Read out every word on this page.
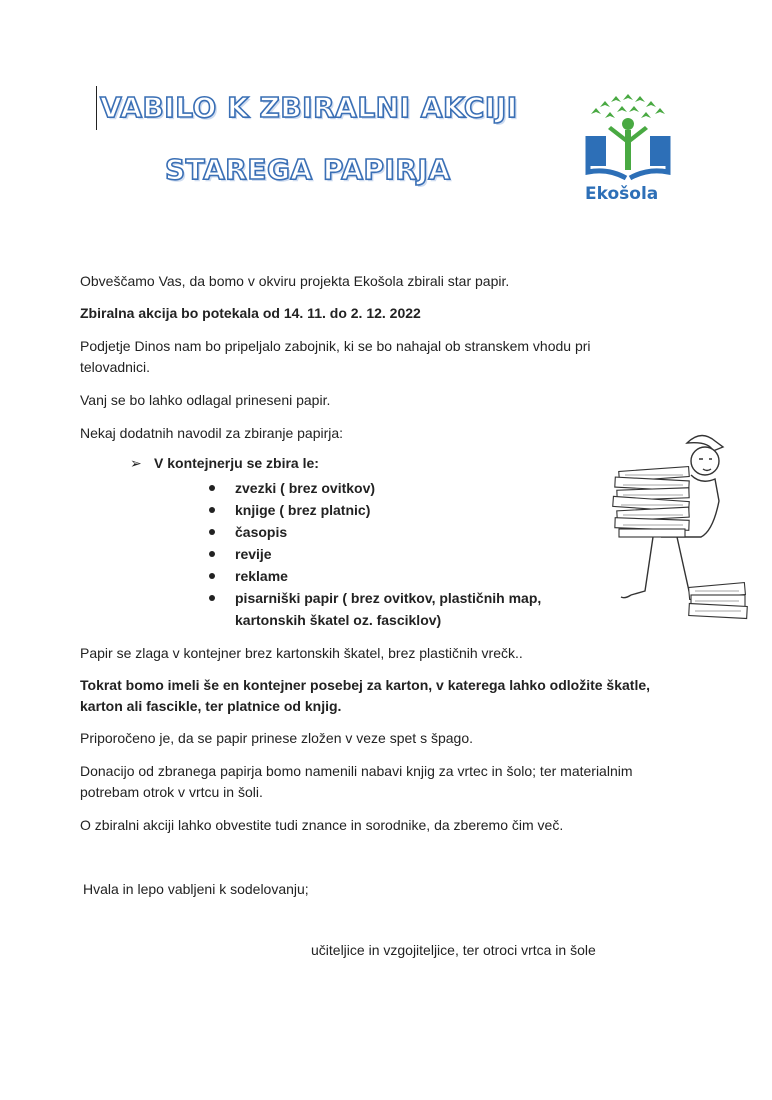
VABILO K ZBIRALNI AKCIJI
STAREGA PAPIRJA
Ekošola

Obveščamo Vas, da bomo v okviru projekta Ekošola zbirali star papir.

Zbiralna akcija bo potekala od 14. 11. do 2. 12. 2022

Podjetje Dinos nam bo pripeljalo zabojnik, ki se bo nahajal ob stranskem vhodu pri telovadnici.

Vanj se bo lahko odlagal prineseni papir.

Nekaj dodatnih navodil za zbiranje papirja:

➢ V kontejnerju se zbira le:
zvezki ( brez ovitkov)
knjige ( brez platnic)
časopis
revije
reklame
pisarniški papir ( brez ovitkov, plastičnih map, kartonskih škatel oz. fasciklov)

Papir se zlaga v kontejner brez kartonskih škatel, brez plastičnih vrečk..

Tokrat bomo imeli še en kontejner posebej za karton, v katerega lahko odložite škatle, karton ali fascikle, ter platnice od knjig.

Priporočeno je, da se papir prinese zložen v veze spet s špago.

Donacijo od zbranega papirja bomo namenili nabavi knjig za vrtec in šolo; ter materialnim potrebam otrok v vrtcu in šoli.

O zbiralni akciji lahko obvestite tudi znance in sorodnike, da zberemo čim več.

Hvala in lepo vabljeni k sodelovanju;

učiteljice in vzgojiteljice, ter otroci vrtca in šole
